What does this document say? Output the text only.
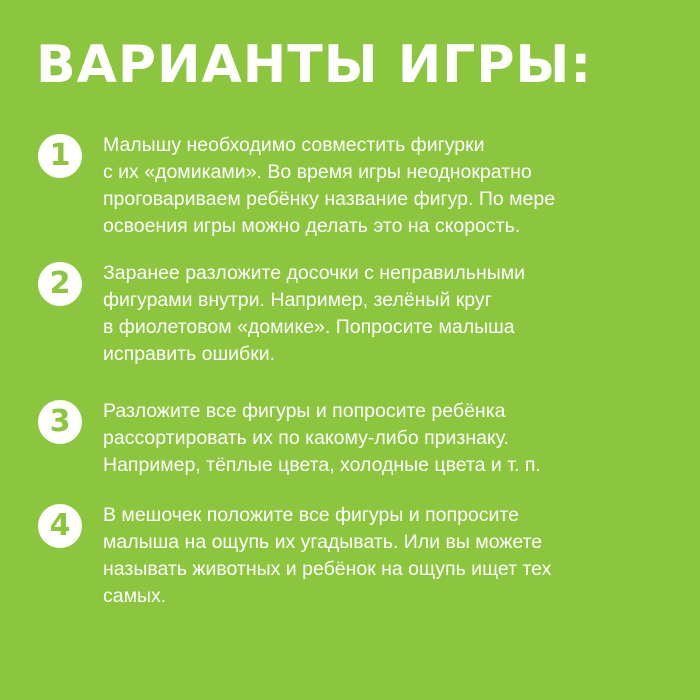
ВАРИАНТЫ ИГРЫ:
1	Малышу необходимо совместить фигурки
с их «домиками». Во время игры неоднократно
проговариваем ребёнку название фигур. По мере
освоения игры можно делать это на скорость.

2	Заранее разложите досочки с неправильными
фигурами внутри. Например, зелёный круг
в фиолетовом «домике». Попросите малыша
исправить ошибки.

3	Разложите все фигуры и попросите ребёнка
рассортировать их по какому-либо признаку.
Например, тёплые цвета, холодные цвета и т. п.

4	В мешочек положите все фигуры и попросите
малыша на ощупь их угадывать. Или вы можете
называть животных и ребёнок на ощупь ищет тех
самых.
